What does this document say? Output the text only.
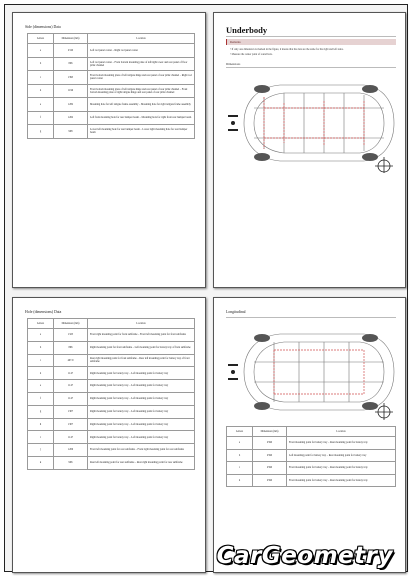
Side (dimensions) Data
Letters	Dimension (mm)	Location
a	2310	Left rod panel corner – Right rod panel corner
b	806	Left rod panel corner – Front bottom mounting plate of left/right tower and rear panel of floor pillar channel
c	1395	Front bottom mounting plate of left tailgate hinge and rear panel of rear pillar channel – Right rod panel corner
d	1196	Front bottom mounting plate of left tailgate hinge and rear panel of rear pillar channel – Front bottom mounting plate of right tailgate hinge and rear panel of rear pillar channel
e	1282	Mounting hole for left tailgate frame assembly – Mounting hole for right tailgate frame assembly
f	1262	Left front mounting hole for rear bumper beam – Mounting hole for right front rear bumper beam
g	908	Lower left mounting hole for rear bumper beam – Lower right mounting hole for rear bumper beam
Underbody
Remarks
• If only one dimension is marked in the figure, it means that the data are the same for the right and left sides.
• Measure the center point of round hole.
Dimensions
Hole (dimensions) Data
Letters	Dimension (mm)	Location
a	1325	Front right mounting point for front subframe – Front left mounting point for front subframe
b	896	Right mounting point for front subframe – Left mounting point for battery tray of front subframe
c	407.9	Rear right mounting point for front subframe – Rear left mounting point for battery tray of front subframe
d	1147	Right mounting point for battery tray – Left mounting point for battery tray
e	1147	Right mounting point for battery tray – Left mounting point for battery tray
f	1147	Right mounting point for battery tray – Left mounting point for battery tray
g	1307	Right mounting point for battery tray – Left mounting point for battery tray
h	1307	Right mounting point for battery tray – Left mounting point for battery tray
i	1147	Right mounting point for battery tray – Left mounting point for battery tray
j	1206	Front left mounting point for rear subframe – Front right mounting point for rear subframe
k	906	Rear left mounting point for rear subframe – Rear right mounting point for rear subframe
Longitudinal
Letters	Dimension (mm)	Location
a	2590	Front mounting point for battery tray – Rear mounting point for battery tray
b	2590	Left mounting point for battery tray – Rear mounting point for battery tray
c	2590	Front mounting point for battery tray – Rear mounting point for battery tray
d	2590	Front mounting point for battery tray – Rear mounting point for battery tray
CarGeometry
